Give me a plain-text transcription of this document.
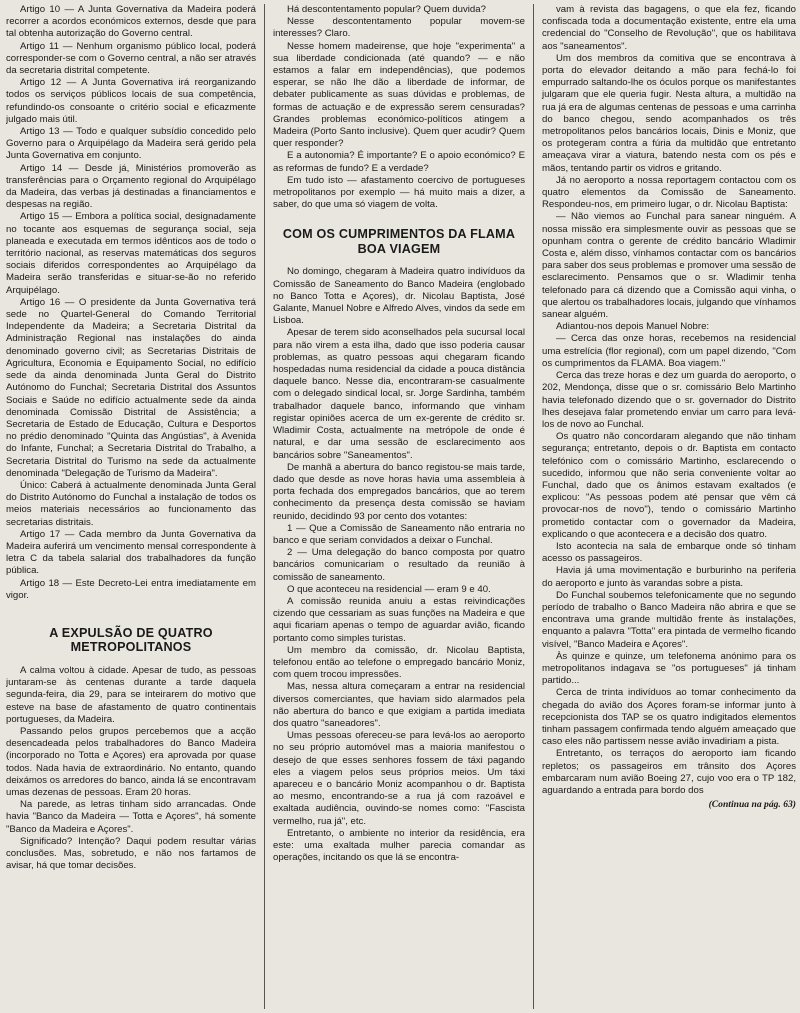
Artigo 10 — A Junta Governativa da Madeira poderá recorrer a acordos económicos externos, desde que para tal obtenha autorização do Governo central.

Artigo 11 — Nenhum organismo público local, poderá corresponder-se com o Governo central, a não ser através da secretaria distrital competente.

Artigo 12 — A Junta Governativa irá reorganizando todos os serviços públicos locais de sua competência, refundindo-os consoante o critério social e eficazmente julgado mais útil.

Artigo 13 — Todo e qualquer subsídio concedido pelo Governo para o Arquipélago da Madeira será gerido pela Junta Governativa em conjunto.

Artigo 14 — Desde já, Ministérios promoverão as transferências para o Orçamento regional do Arquipélago da Madeira, das verbas já destinadas a financiamentos e despesas na região.

Artigo 15 — Embora a política social, designadamente no tocante aos esquemas de segurança social, seja planeada e executada em termos idênticos aos de todo o território nacional, as reservas matemáticas dos seguros sociais diferidos correspondentes ao Arquipélago da Madeira serão transferidas e situar-se-ão no referido Arquipélago.

Artigo 16 — O presidente da Junta Governativa terá sede no Quartel-General do Comando Territorial Independente da Madeira; a Secretaria Distrital da Administração Regional nas instalações do ainda denominado governo civil; as Secretarias Distritais de Agricultura, Economia e Equipamento Social, no edifício sede da ainda denominada Junta Geral do Distrito Autónomo do Funchal; Secretaria Distrital dos Assuntos Sociais e Saúde no edifício actualmente sede da ainda denominada Comissão Distrital de Assistência; a Secretaria de Estado de Educação, Cultura e Desportos no prédio denominado "Quinta das Angústias", à Avenida do Infante, Funchal; a Secretaria Distrital do Trabalho, a Secretaria Distrital do Turismo na sede da actualmente denominada "Delegação de Turismo da Madeira".

Único: Caberá à actualmente denominada Junta Geral do Distrito Autónomo do Funchal a instalação de todos os meios materiais necessários ao funcionamento das secretarias distritais.

Artigo 17 — Cada membro da Junta Governativa da Madeira auferirá um vencimento mensal correspondente à letra C da tabela salarial dos trabalhadores da função pública.

Artigo 18 — Este Decreto-Lei entra imediatamente em vigor.

A EXPULSÃO DE QUATRO METROPOLITANOS

A calma voltou à cidade. Apesar de tudo, as pessoas juntaram-se às centenas durante a tarde daquela segunda-feira, dia 29, para se inteirarem do motivo que esteve na base de afastamento de quatro continentais portugueses, da Madeira.

Passando pelos grupos percebemos que a acção desencadeada pelos trabalhadores do Banco Madeira (incorporado no Totta e Açores) era aprovada por quase todos. Nada havia de extraordinário. No entanto, quando deixámos os arredores do banco, ainda lá se encontravam umas dezenas de pessoas. Eram 20 horas.

Na parede, as letras tinham sido arrancadas. Onde havia "Banco da Madeira — Totta e Açores", há somente "Banco da Madeira e Açores".

Significado? Intenção? Daqui podem resultar várias conclusões. Mas, sobretudo, e não nos fartamos de avisar, há que tomar decisões.

Há descontentamento popular? Quem duvida?

Nesse descontentamento popular movem-se interesses? Claro.

Nesse homem madeirense, que hoje "experimenta" a sua liberdade condicionada (até quando? — e não estamos a falar em independências), que podemos esperar, se não lhe dão a liberdade de informar, de debater publicamente as suas dúvidas e problemas, de formas de actuação e de expressão serem censuradas? Grandes problemas económico-políticos atingem a Madeira (Porto Santo inclusive). Quem quer acudir? Quem quer responder?

E a autonomia? É importante? E o apoio económico? E as reformas de fundo? E a verdade?

Em tudo isto — afastamento coercivo de portugueses metropolitanos por exemplo — há muito mais a dizer, a saber, do que uma só viagem de volta.

COM OS CUMPRIMENTOS DA FLAMA BOA VIAGEM

No domingo, chegaram à Madeira quatro indivíduos da Comissão de Saneamento do Banco Madeira (englobado no Banco Totta e Açores), dr. Nicolau Baptista, José Galante, Manuel Nobre e Alfredo Alves, vindos da sede em Lisboa.

Apesar de terem sido aconselhados pela sucursal local para não virem a esta ilha, dado que isso poderia causar problemas, as quatro pessoas aqui chegaram ficando hospedadas numa residencial da cidade a pouca distância daquele banco. Nesse dia, encontraram-se casualmente com o delegado sindical local, sr. Jorge Sardinha, também trabalhador daquele banco, informando que vinham registar opiniões acerca de um ex-gerente de crédito sr. Wladimir Costa, actualmente na metrópole de onde é natural, e dar uma sessão de esclarecimento aos bancários sobre "Saneamentos".

De manhã a abertura do banco registou-se mais tarde, dado que desde as nove horas havia uma assembleia à porta fechada dos empregados bancários, que ao terem conhecimento da presença desta comissão se haviam reunido, decidindo 93 por cento dos votantes:

1 — Que a Comissão de Saneamento não entraria no banco e que seriam convidados a deixar o Funchal.

2 — Uma delegação do banco composta por quatro bancários comunicariam o resultado da reunião à comissão de saneamento.

O que aconteceu na residencial — eram 9 e 40.

A comissão reunida anuiu a estas reivindicações cizendo que cessariam as suas funções na Madeira e que aqui ficariam apenas o tempo de aguardar avião, ficando portanto como simples turistas.

Um membro da comissão, dr. Nicolau Baptista, telefonou então ao telefone o empregado bancário Moniz, com quem trocou impressões.

Mas, nessa altura começaram a entrar na residencial diversos comerciantes, que haviam sido alarmados pela não abertura do banco e que exigiam a partida imediata dos quatro "saneadores".

Umas pessoas ofereceu-se para levá-los ao aeroporto no seu próprio automóvel mas a maioria manifestou o desejo de que esses senhores fossem de táxi pagando eles a viagem pelos seus próprios meios. Um táxi apareceu e o bancário Moniz acompanhou o dr. Baptista ao mesmo, encontrando-se a rua já com razoável e exaltada audiência, ouvindo-se nomes como: "Fascista vermelho, rua já", etc.

Entretanto, o ambiente no interior da residência, era este: uma exaltada mulher parecia comandar as operações, incitando os que lá se encontra-

vam à revista das bagagens, o que ela fez, ficando confiscada toda a documentação existente, entre ela uma credencial do "Conselho de Revolução", que os habilitava aos "saneamentos".

Um dos membros da comitiva que se encontrava à porta do elevador deitando a mão para fechá-lo foi empurrado saltando-lhe os óculos porque os manifestantes julgaram que ele queria fugir. Nesta altura, a multidão na rua já era de algumas centenas de pessoas e uma carrinha do banco chegou, sendo acompanhados os três metropolitanos pelos bancários locais, Dinis e Moniz, que os protegeram contra a fúria da multidão que entretanto ameaçava virar a viatura, batendo nesta com os pés e mãos, tentando partir os vidros e gritando.

Já no aeroporto a nossa reportagem contactou com os quatro elementos da Comissão de Saneamento. Respondeu-nos, em primeiro lugar, o dr. Nicolau Baptista:

— Não viemos ao Funchal para sanear ninguém. A nossa missão era simplesmente ouvir as pessoas que se opunham contra o gerente de crédito bancário Wladimir Costa e, além disso, vínhamos contactar com os bancários para saber dos seus problemas e promover uma sessão de esclarecimento. Pensamos que o sr. Wladimir tenha telefonado para cá dizendo que a Comissão aqui vinha, o que alertou os trabalhadores locais, julgando que vínhamos sanear alguém.

Adiantou-nos depois Manuel Nobre:

— Cerca das onze horas, recebemos na residencial uma estrelícia (flor regional), com um papel dizendo, "Com os cumprimentos da FLAMA. Boa viagem."

Cerca das treze horas e dez um guarda do aeroporto, o 202, Mendonça, disse que o sr. comissário Belo Martinho havia telefonado dizendo que o sr. governador do Distrito lhes desejava falar prometendo enviar um carro para levá-los de novo ao Funchal.

Os quatro não concordaram alegando que não tinham segurança; entretanto, depois o dr. Baptista em contacto telefónico com o comissário Martinho, esclarecendo o sucedido, informou que não seria conveniente voltar ao Funchal, dado que os ânimos estavam exaltados (e explicou: "As pessoas podem até pensar que vêm cá provocar-nos de novo"), tendo o comissário Martinho prometido contactar com o governador da Madeira, explicando o que acontecera e a decisão dos quatro.

Isto acontecia na sala de embarque onde só tinham acesso os passageiros.

Havia já uma movimentação e burburinho na periferia do aeroporto e junto às varandas sobre a pista.

Do Funchal soubemos telefonicamente que no segundo período de trabalho o Banco Madeira não abrira e que se encontrava uma grande multidão frente às instalações, enquanto a palavra "Totta" era pintada de vermelho ficando visível, "Banco Madeira e Açores".

Às quinze e quinze, um telefonema anónimo para os metropolitanos indagava se "os portugueses" já tinham partido...

Cerca de trinta indivíduos ao tomar conhecimento da chegada do avião dos Açores foram-se informar junto à recepcionista dos TAP se os quatro indigitados elementos tinham passagem confirmada tendo alguém ameaçado que caso eles não partissem nesse avião invadiriam a pista.

Entretanto, os terraços do aeroporto iam ficando repletos; os passageiros em trânsito dos Açores embarcaram num avião Boeing 27, cujo voo era o TP 182, aguardando a entrada para bordo dos

(Continua na pág. 63)
